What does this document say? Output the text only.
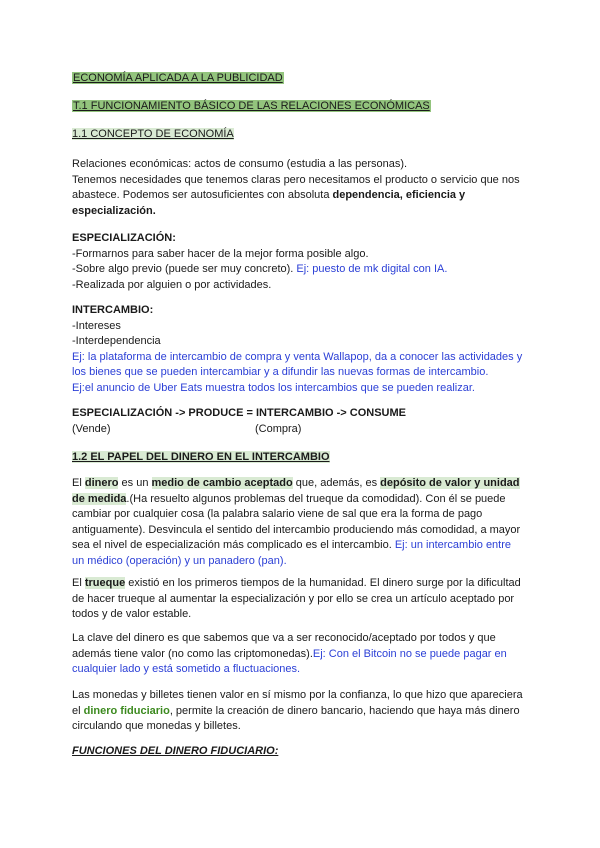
ECONOMÍA APLICADA A LA PUBLICIDAD
T.1 FUNCIONAMIENTO BÁSICO DE LAS RELACIONES ECONÓMICAS
1.1 CONCEPTO DE ECONOMÍA
Relaciones económicas: actos de consumo (estudia a las personas).
Tenemos necesidades que tenemos claras pero necesitamos el producto o servicio que nos
abastece. Podemos ser autosuficientes con absoluta dependencia, eficiencia y
especialización.
ESPECIALIZACIÓN:
-Formarnos para saber hacer de la mejor forma posible algo.
-Sobre algo previo (puede ser muy concreto). Ej: puesto de mk digital con IA.
-Realizada por alguien o por actividades.
INTERCAMBIO:
-Intereses
-Interdependencia
Ej: la plataforma de intercambio de compra y venta Wallapop, da a conocer las actividades y
los bienes que se pueden intercambiar y a difundir las nuevas formas de intercambio.
Ej:el anuncio de Uber Eats muestra todos los intercambios que se pueden realizar.
ESPECIALIZACIÓN -> PRODUCE = INTERCAMBIO -> CONSUME
(Vende)	(Compra)
1.2 EL PAPEL DEL DINERO EN EL INTERCAMBIO
El dinero es un medio de cambio aceptado que, además, es depósito de valor y unidad
de medida.(Ha resuelto algunos problemas del trueque da comodidad). Con él se puede
cambiar por cualquier cosa (la palabra salario viene de sal que era la forma de pago
antiguamente). Desvincula el sentido del intercambio produciendo más comodidad, a mayor
sea el nivel de especialización más complicado es el intercambio. Ej: un intercambio entre
un médico (operación) y un panadero (pan).
El trueque existió en los primeros tiempos de la humanidad. El dinero surge por la dificultad
de hacer trueque al aumentar la especialización y por ello se crea un artículo aceptado por
todos y de valor estable.
La clave del dinero es que sabemos que va a ser reconocido/aceptado por todos y que
además tiene valor (no como las criptomonedas).Ej: Con el Bitcoin no se puede pagar en
cualquier lado y está sometido a fluctuaciones.
Las monedas y billetes tienen valor en sí mismo por la confianza, lo que hizo que apareciera
el dinero fiduciario, permite la creación de dinero bancario, haciendo que haya más dinero
circulando que monedas y billetes.
FUNCIONES DEL DINERO FIDUCIARIO:
